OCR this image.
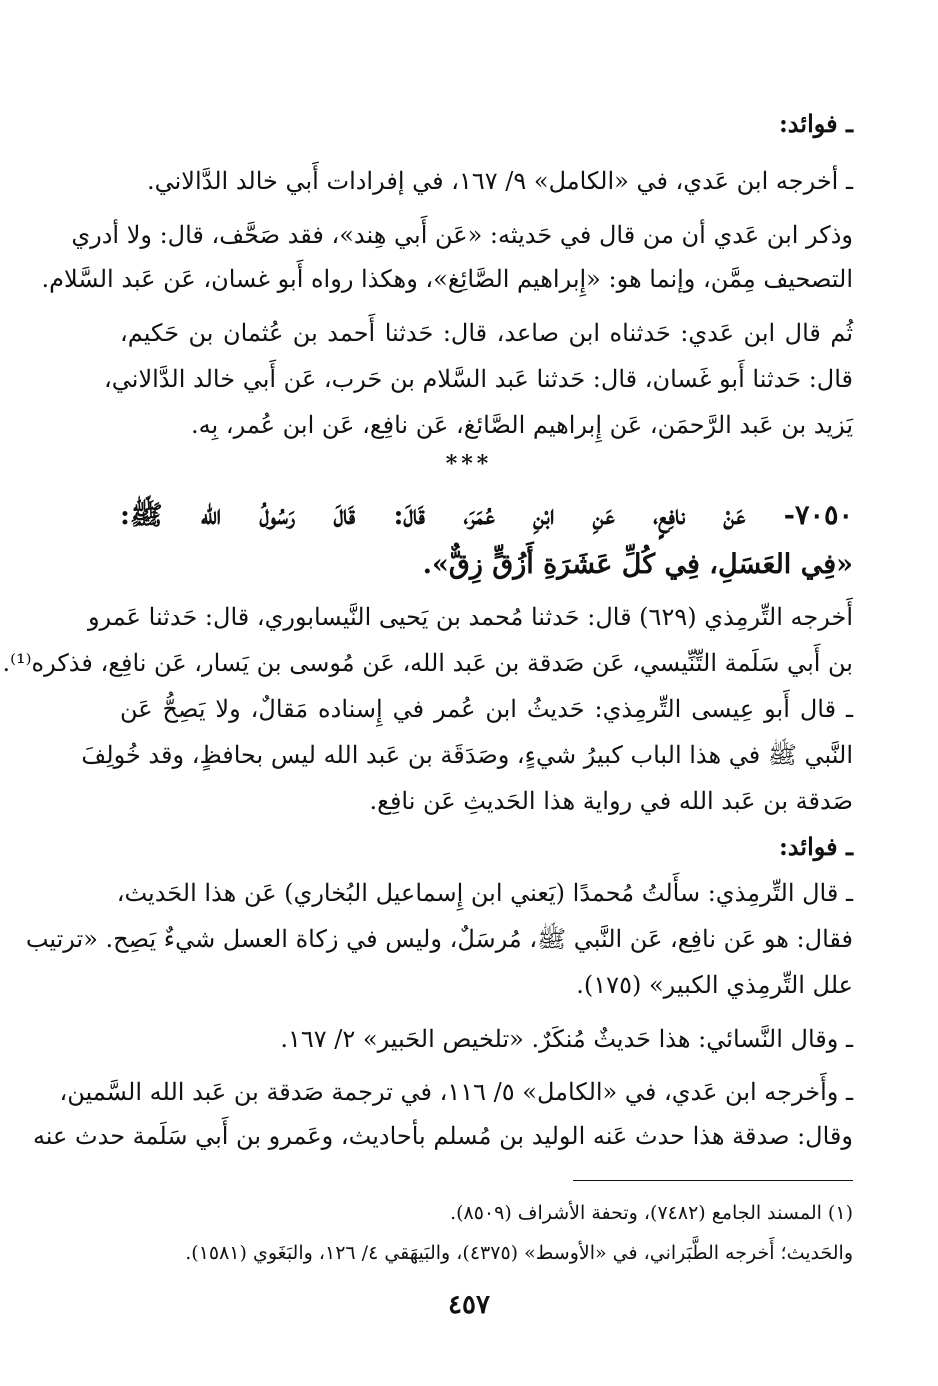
ـ فوائد:
ـ أخرجه ابن عَدي، في «الكامل» ٩/ ١٦٧، في إفرادات أَبي خالد الدَّالاني.
وذكر ابن عَدي أن من قال في حَديثه: «عَن أَبي هِند»، فقد صَحَّف، قال: ولا أدري
التصحيف مِمَّن، وإنما هو: «إِبراهيم الصَّائِغ»، وهكذا رواه أَبو غسان، عَن عَبد السَّلام.
ثُم قال ابن عَدي: حَدثناه ابن صاعد، قال: حَدثنا أَحمد بن عُثمان بن حَكيم،
قال: حَدثنا أَبو غَسان، قال: حَدثنا عَبد السَّلام بن حَرب، عَن أَبي خالد الدَّالاني،
يَزيد بن عَبد الرَّحمَن، عَن إِبراهيم الصَّائغ، عَن نافِع، عَن ابن عُمر، بِه.
***
٧٠٥٠- عَنْ نافِعٍ، عَنِ ابْنِ عُمَرَ، قَالَ: قَالَ رَسُولُ الله ﷺ:
«فِي العَسَلِ، فِي كُلِّ عَشَرَةِ أَزُقٍّ زِقٌّ».
أَخرجه التِّرمِذي (٦٢٩) قال: حَدثنا مُحمد بن يَحيى النَّيسابوري، قال: حَدثنا عَمرو
بن أَبي سَلَمة التِّنِّيسي، عَن صَدقة بن عَبد الله، عَن مُوسى بن يَسار، عَن نافِع، فذكره⁽¹⁾.
ـ قال أَبو عِيسى التِّرمِذي: حَديثُ ابن عُمر في إِسناده مَقالٌ، ولا يَصِحُّ عَن
النَّبي ﷺ في هذا الباب كبيرُ شيءٍ، وصَدَقَة بن عَبد الله ليس بحافظٍ، وقد خُولِفَ
صَدقة بن عَبد الله في رواية هذا الحَديثِ عَن نافِع.
ـ فوائد:
ـ قال التِّرمِذي: سأَلتُ مُحمدًا (يَعني ابن إِسماعيل البُخاري) عَن هذا الحَديث،
فقال: هو عَن نافِع، عَن النَّبي ﷺ، مُرسَلٌ، وليس في زكاة العسل شيءٌ يَصِح. «ترتيب
علل التِّرمِذي الكبير» (١٧٥).
ـ وقال النَّسائي: هذا حَديثٌ مُنكَرٌ. «تلخيص الحَبير» ٢/ ١٦٧.
ـ وأَخرجه ابن عَدي، في «الكامل» ٥/ ١١٦، في ترجمة صَدقة بن عَبد الله السَّمين،
وقال: صدقة هذا حدث عَنه الوليد بن مُسلم بأحاديث، وعَمرو بن أَبي سَلَمة حدث عنه
(١) المسند الجامع (٧٤٨٢)، وتحفة الأشراف (٨٥٠٩).
والحَديث؛ أَخرجه الطَّبَراني، في «الأوسط» (٤٣٧٥)، والبَيهَقي ٤/ ١٢٦، والبَغَوي (١٥٨١).
٤٥٧
